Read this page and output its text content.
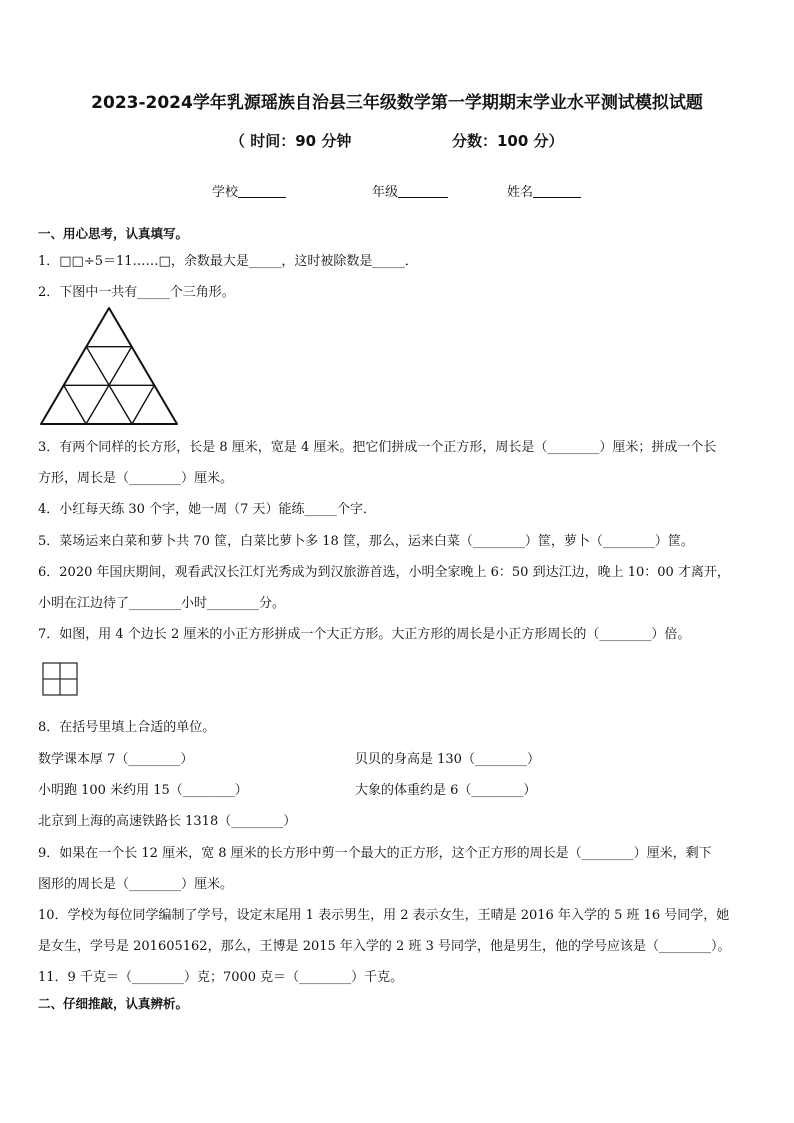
2023-2024学年乳源瑶族自治县三年级数学第一学期期末学业水平测试模拟试题
（ 时间：90 分钟	分数：100 分）
学校	年级	姓名
一、用心思考，认真填写。
1．□□÷5＝11……□，余数最大是_____，这时被除数是_____．
2．下图中一共有_____个三角形。
3．有两个同样的长方形，长是 8 厘米，宽是 4 厘米。把它们拼成一个正方形，周长是（________）厘米；拼成一个长
方形，周长是（________）厘米。
4．小红每天练 30 个字，她一周（7 天）能练_____个字．
5．菜场运来白菜和萝卜共 70 筐，白菜比萝卜多 18 筐，那么，运来白菜（________）筐，萝卜（________）筐。
6．2020 年国庆期间，观看武汉长江灯光秀成为到汉旅游首选，小明全家晚上 6：50 到达江边，晚上 10：00 才离开，
小明在江边待了________小时________分。
7．如图，用 4 个边长 2 厘米的小正方形拼成一个大正方形。大正方形的周长是小正方形周长的（________）倍。
8．在括号里填上合适的单位。
数学课本厚 7（________）	贝贝的身高是 130（________）
小明跑 100 米约用 15（________）	大象的体重约是 6（________）
北京到上海的高速铁路长 1318（________）
9．如果在一个长 12 厘米，宽 8 厘米的长方形中剪一个最大的正方形，这个正方形的周长是（________）厘米，剩下
图形的周长是（________）厘米。
10．学校为每位同学编制了学号，设定末尾用 1 表示男生，用 2 表示女生，王晴是 2016 年入学的 5 班 16 号同学，她
是女生，学号是 201605162，那么，王博是 2015 年入学的 2 班 3 号同学，他是男生，他的学号应该是（________）。
11．9 千克＝（________）克；7000 克＝（________）千克。
二、仔细推敲，认真辨析。
